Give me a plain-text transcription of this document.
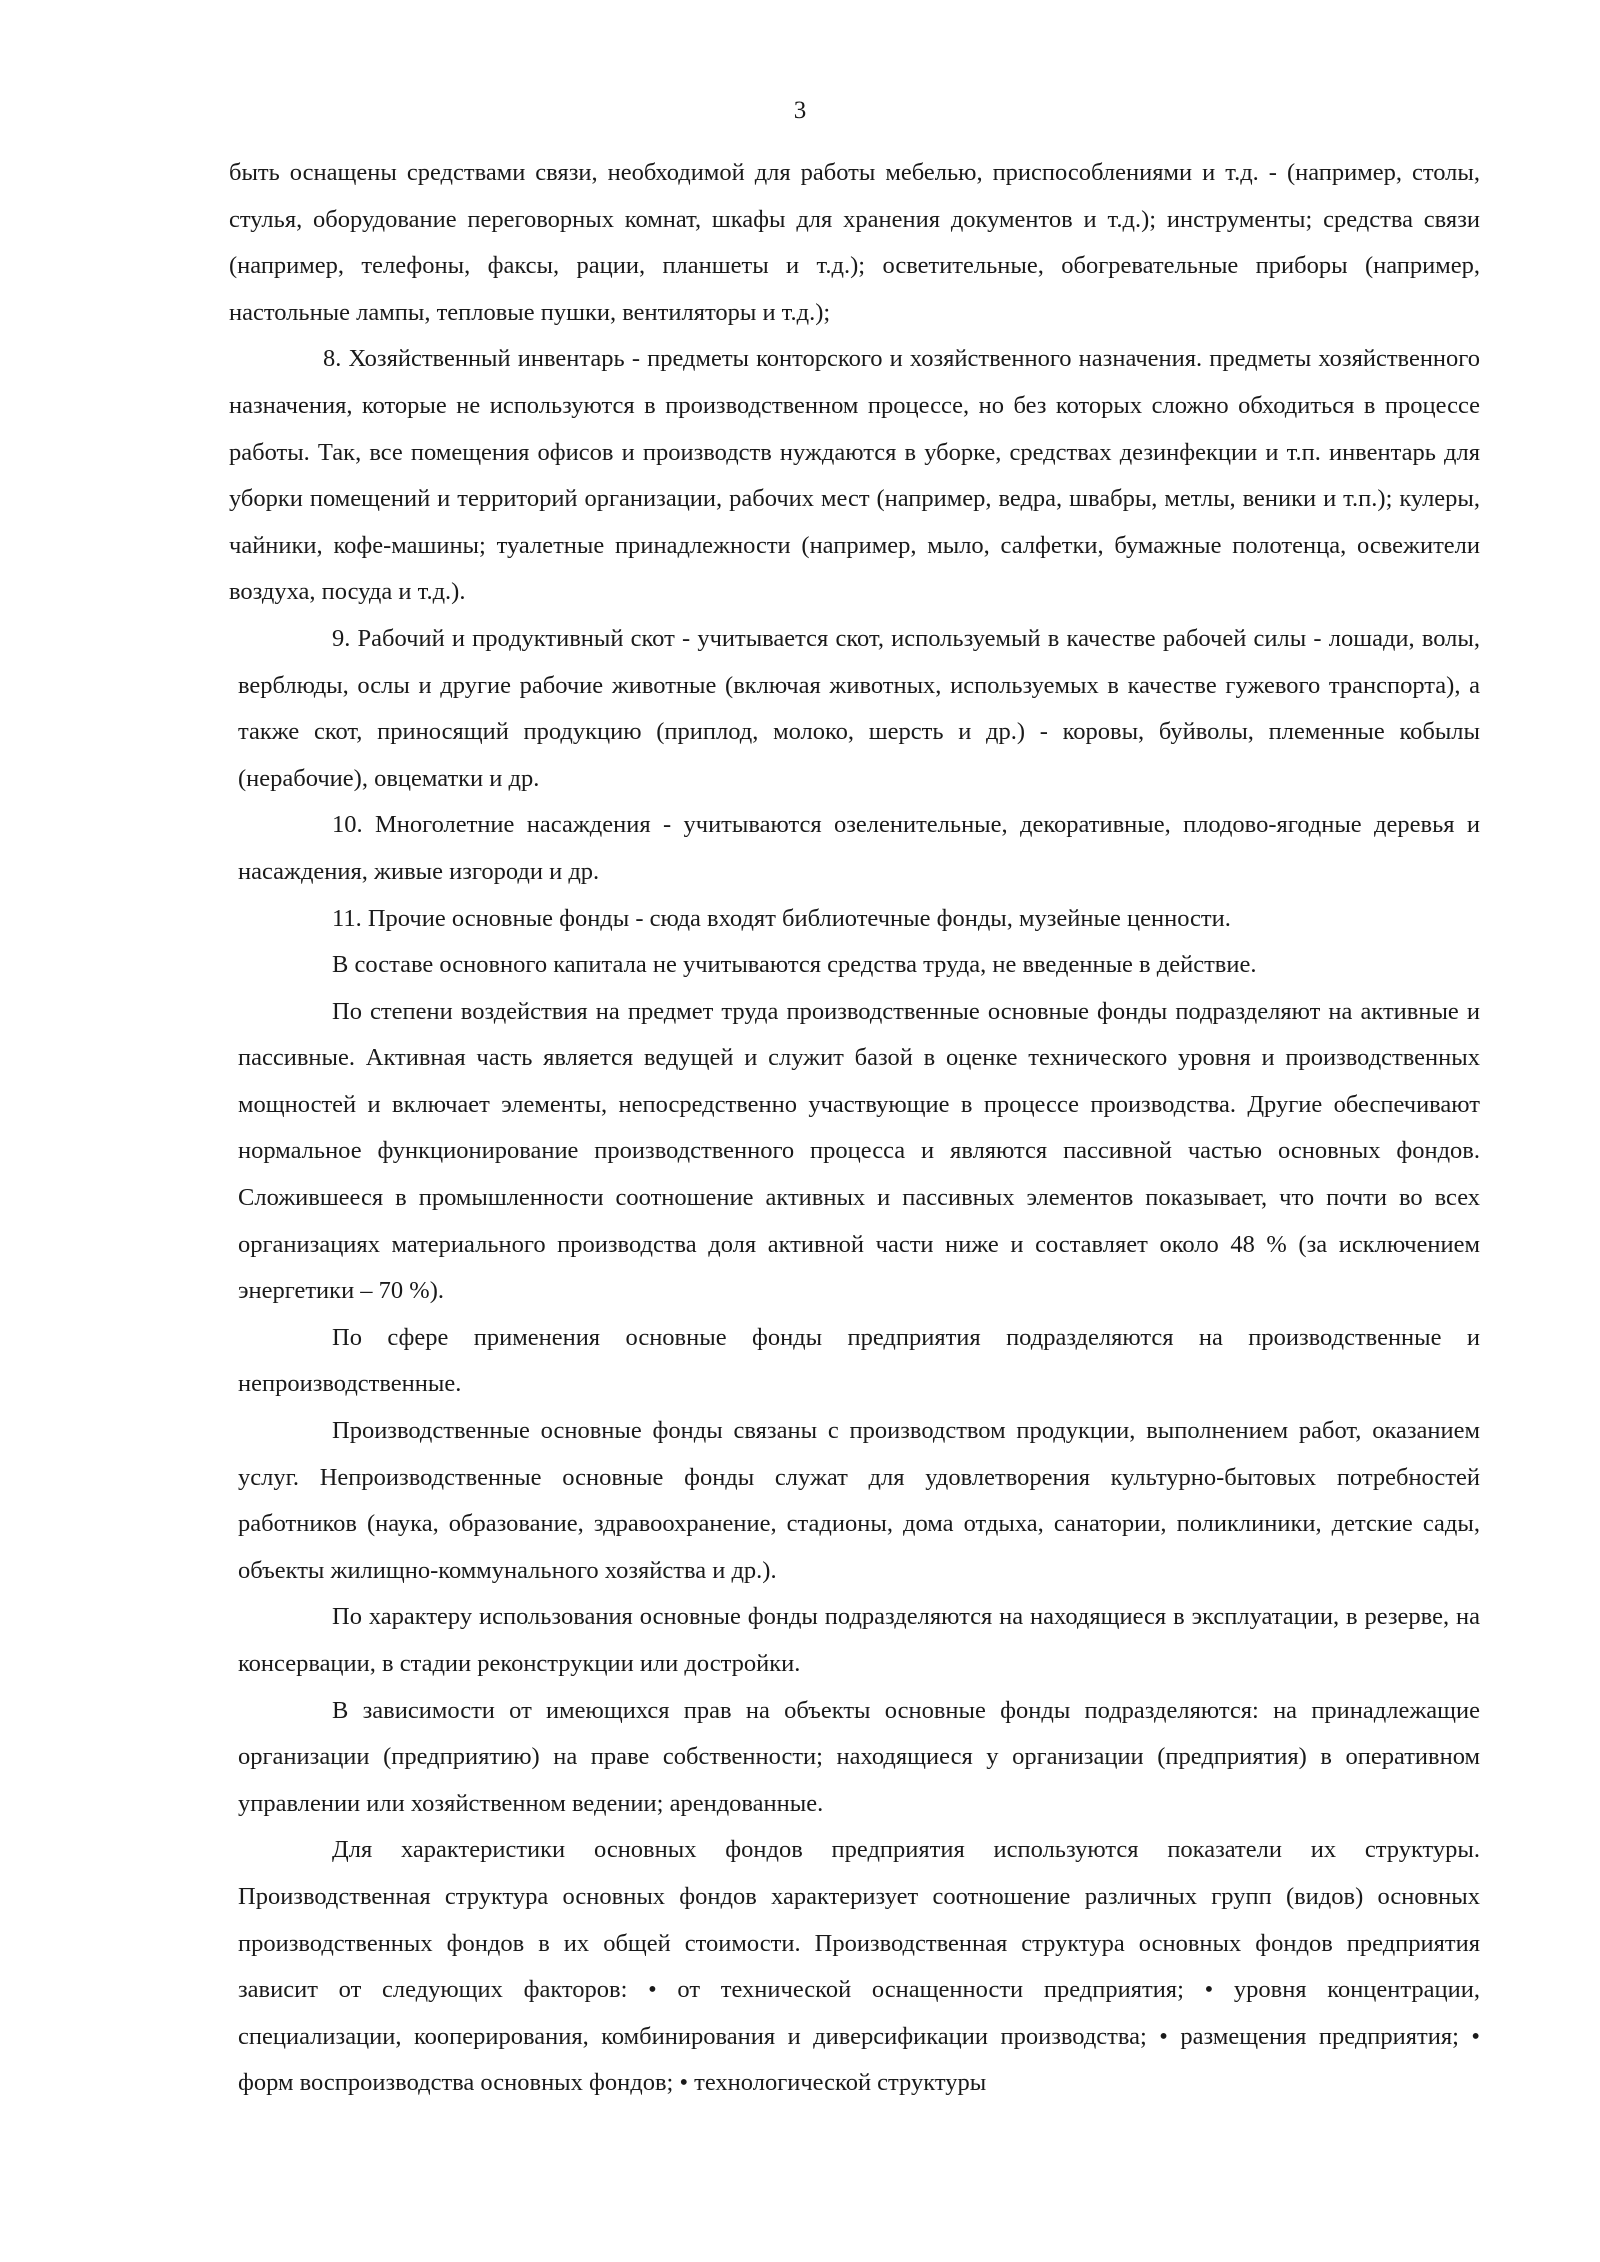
3

быть оснащены средствами связи, необходимой для работы мебелью, приспособлениями и т.д. - (например, столы, стулья, оборудование переговорных комнат, шкафы для хранения документов и т.д.); инструменты; средства связи (например, телефоны, факсы, рации, планшеты и т.д.); осветительные, обогревательные приборы (например, настольные лампы, тепловые пушки, вентиляторы и т.д.);

8. Хозяйственный инвентарь - предметы конторского и хозяйственного назначения. предметы хозяйственного назначения, которые не используются в производственном процессе, но без которых сложно обходиться в процессе работы. Так, все помещения офисов и производств нуждаются в уборке, средствах дезинфекции и т.п. инвентарь для уборки помещений и территорий организации, рабочих мест (например, ведра, швабры, метлы, веники и т.п.); кулеры, чайники, кофе-машины; туалетные принадлежности (например, мыло, салфетки, бумажные полотенца, освежители воздуха, посуда и т.д.).

9. Рабочий и продуктивный скот - учитывается скот, используемый в качестве рабочей силы - лошади, волы, верблюды, ослы и другие рабочие животные (включая животных, используемых в качестве гужевого транспорта), а также скот, приносящий продукцию (приплод, молоко, шерсть и др.) - коровы, буйволы, племенные кобылы (нерабочие), овцематки и др.

10. Многолетние насаждения - учитываются озеленительные, декоративные, плодово-ягодные деревья и насаждения, живые изгороди и др.

11. Прочие основные фонды - сюда входят библиотечные фонды, музейные ценности.

В составе основного капитала не учитываются средства труда, не введенные в действие.

По степени воздействия на предмет труда производственные основные фонды подразделяют на активные и пассивные. Активная часть является ведущей и служит базой в оценке технического уровня и производственных мощностей и включает элементы, непосредственно участвующие в процессе производства. Другие обеспечивают нормальное функционирование производственного процесса и являются пассивной частью основных фондов. Сложившееся в промышленности соотношение активных и пассивных элементов показывает, что почти во всех организациях материального производства доля активной части ниже и составляет около 48 % (за исключением энергетики – 70 %).

По сфере применения основные фонды предприятия подразделяются на производственные и непроизводственные.

Производственные основные фонды связаны с производством продукции, выполнением работ, оказанием услуг. Непроизводственные основные фонды служат для удовлетворения культурно-бытовых потребностей работников (наука, образование, здравоохранение, стадионы, дома отдыха, санатории, поликлиники, детские сады, объекты жилищно-коммунального хозяйства и др.).

По характеру использования основные фонды подразделяются на находящиеся в эксплуатации, в резерве, на консервации, в стадии реконструкции или достройки.

В зависимости от имеющихся прав на объекты основные фонды подразделяются: на принадлежащие организации (предприятию) на праве собственности; находящиеся у организации (предприятия) в оперативном управлении или хозяйственном ведении; арендованные.

Для характеристики основных фондов предприятия используются показатели их структуры. Производственная структура основных фондов характеризует соотношение различных групп (видов) основных производственных фондов в их общей стоимости. Производственная структура основных фондов предприятия зависит от следующих факторов: • от технической оснащенности предприятия; • уровня концентрации, специализации, кооперирования, комбинирования и диверсификации производства; • размещения предприятия; • форм воспроизводства основных фондов; • технологической структуры
